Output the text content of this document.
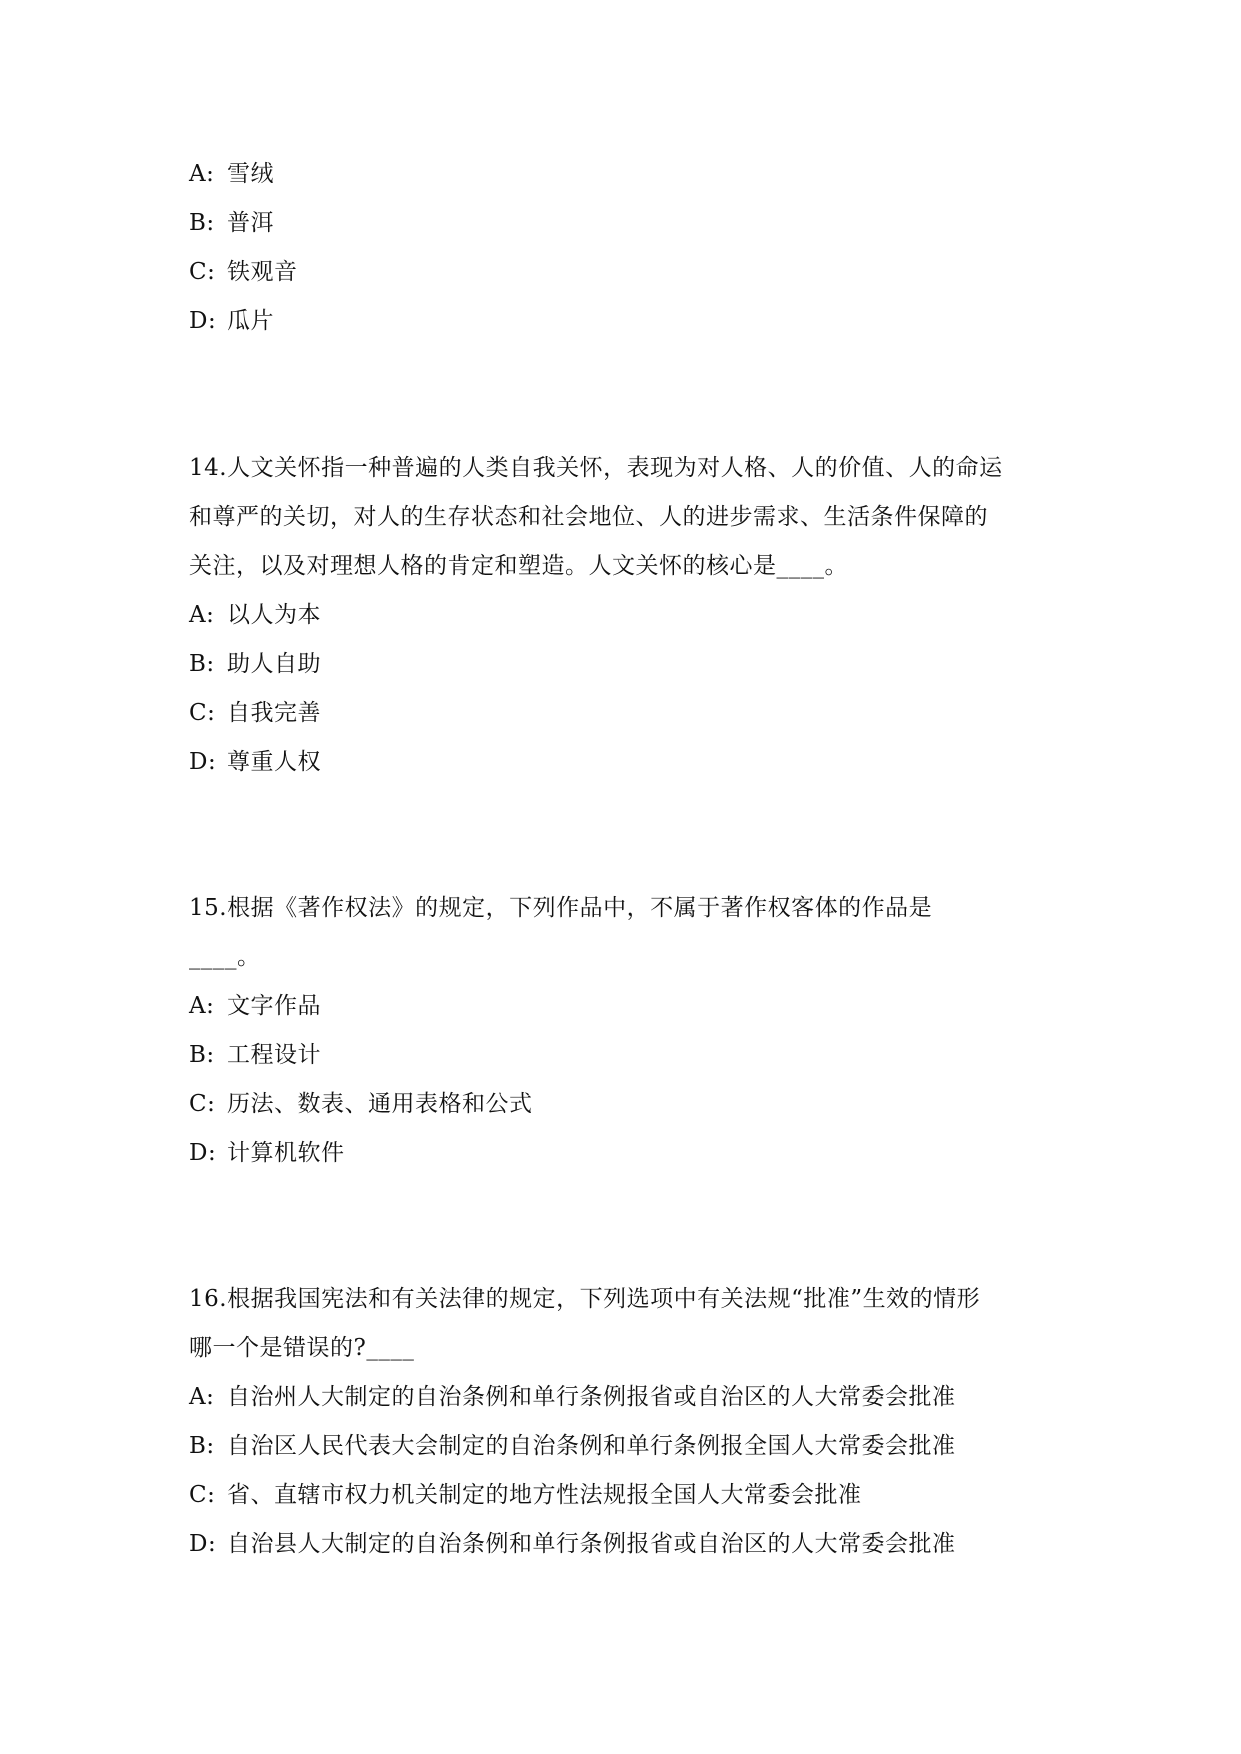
A: 雪绒
B: 普洱
C: 铁观音
D: 瓜片
14.人文关怀指一种普遍的人类自我关怀，表现为对人格、人的价值、人的命运
和尊严的关切，对人的生存状态和社会地位、人的进步需求、生活条件保障的
关注，以及对理想人格的肯定和塑造。人文关怀的核心是____。
A: 以人为本
B: 助人自助
C: 自我完善
D: 尊重人权
15.根据《著作权法》的规定，下列作品中，不属于著作权客体的作品是
____。
A: 文字作品
B: 工程设计
C: 历法、数表、通用表格和公式
D: 计算机软件
16.根据我国宪法和有关法律的规定，下列选项中有关法规“批准”生效的情形
哪一个是错误的?____
A: 自治州人大制定的自治条例和单行条例报省或自治区的人大常委会批准
B: 自治区人民代表大会制定的自治条例和单行条例报全国人大常委会批准
C: 省、直辖市权力机关制定的地方性法规报全国人大常委会批准
D: 自治县人大制定的自治条例和单行条例报省或自治区的人大常委会批准
